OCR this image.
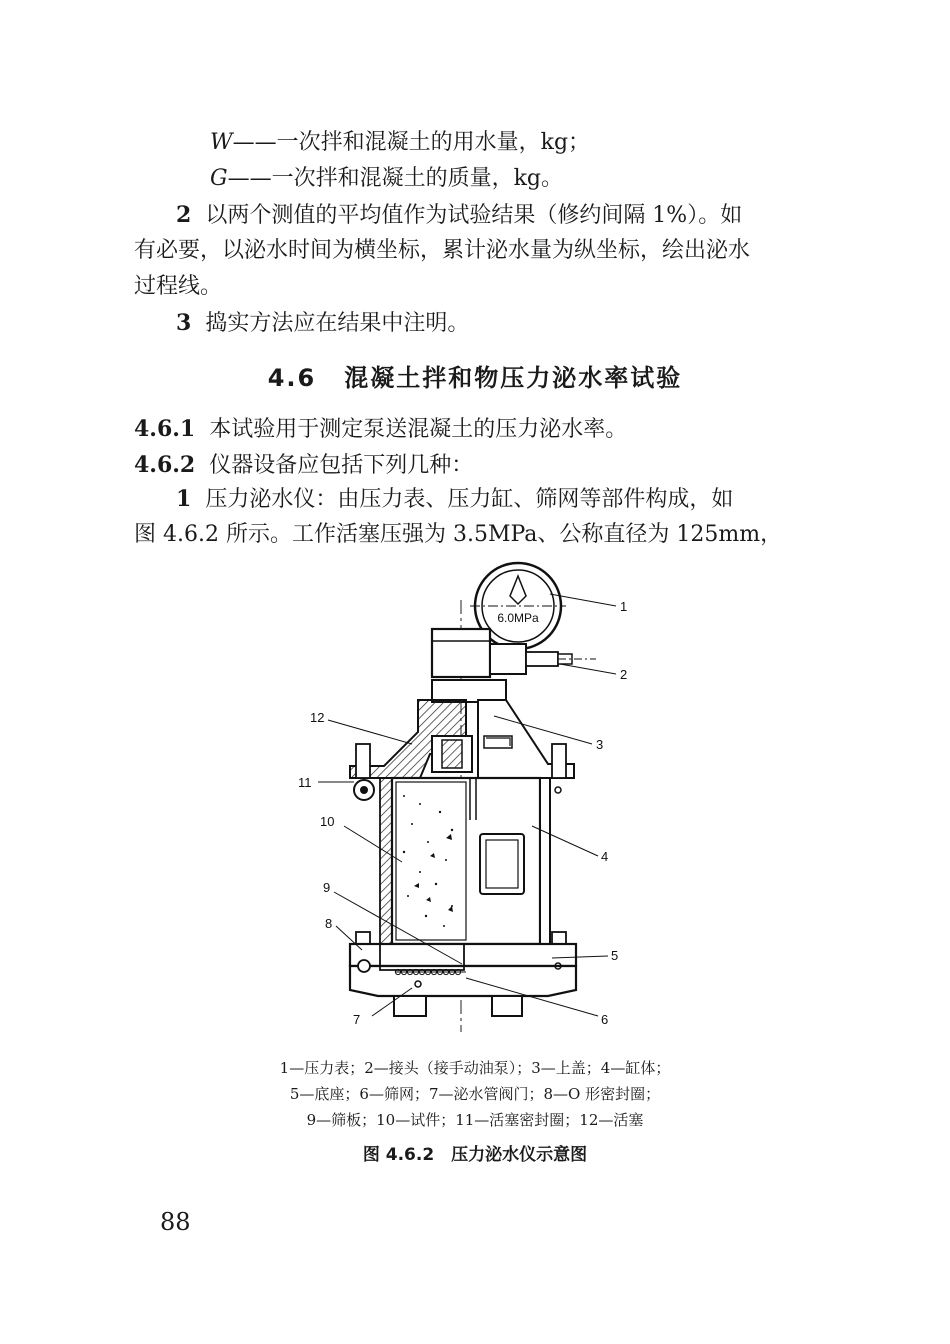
W——一次拌和混凝土的用水量，kg；
G——一次拌和混凝土的质量，kg。
2 以两个测值的平均值作为试验结果（修约间隔 1%）。如
有必要，以泌水时间为横坐标，累计泌水量为纵坐标，绘出泌水
过程线。
3 捣实方法应在结果中注明。
4.6 混凝土拌和物压力泌水率试验
4.6.1 本试验用于测定泵送混凝土的压力泌水率。
4.6.2 仪器设备应包括下列几种：
1 压力泌水仪：由压力表、压力缸、筛网等部件构成，如
图 4.6.2 所示。工作活塞压强为 3.5MPa、公称直径为 125mm，
6.0MPa
1
2
3
4
5
6
7
8
9
10
11
12
1—压力表；2—接头（接手动油泵）；3—上盖；4—缸体；
5—底座；6—筛网；7—泌水管阀门；8—O 形密封圈；
9—筛板；10—试件；11—活塞密封圈；12—活塞
图 4.6.2　压力泌水仪示意图
88
